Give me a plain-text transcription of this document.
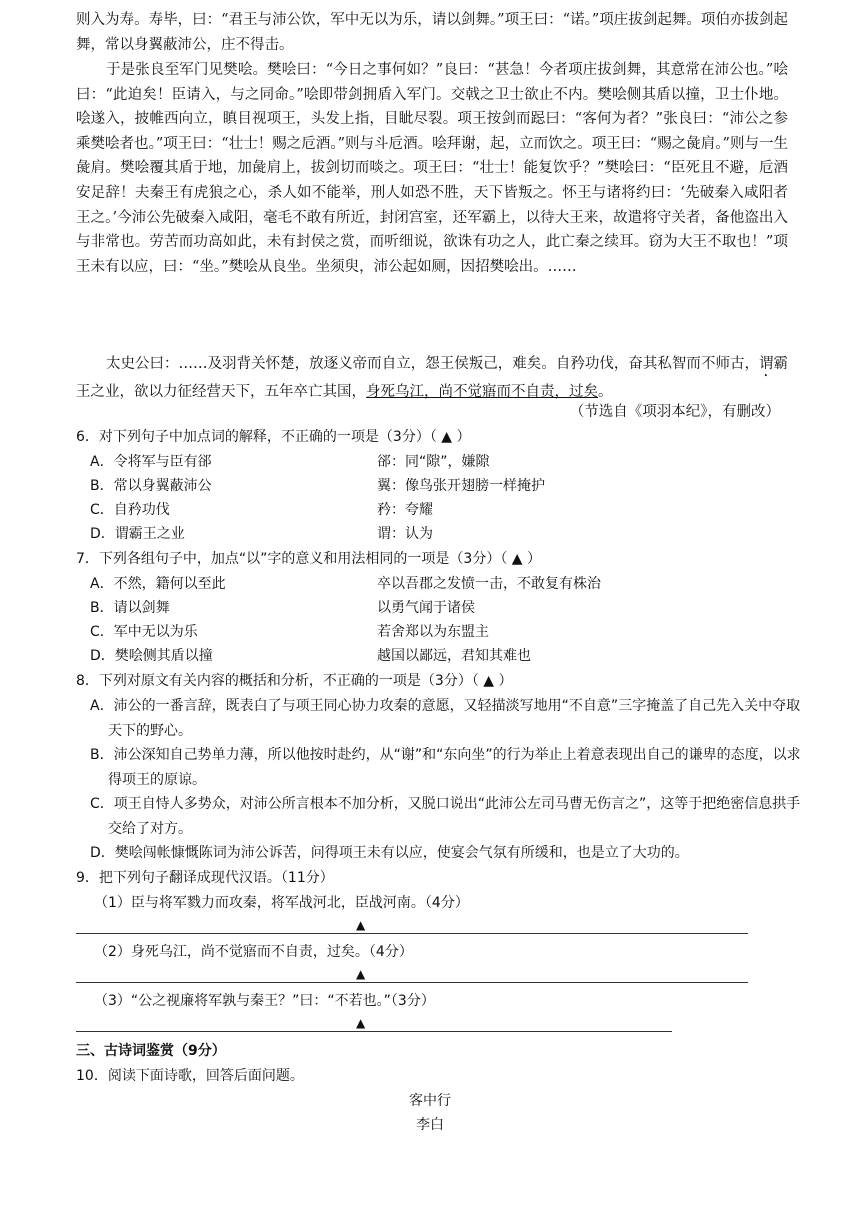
则入为寿。寿毕，曰：“君王与沛公饮，军中无以为乐，请以剑舞。”项王曰：“诺。”项庄拔剑起舞。项伯亦拔剑起舞，常以身翼蔽沛公，庄不得击。
于是张良至军门见樊哙。樊哙曰：“今日之事何如？”良曰：“甚急！今者项庄拔剑舞，其意常在沛公也。”哙曰：“此迫矣！臣请入，与之同命。”哙即带剑拥盾入军门。交戟之卫士欲止不内。樊哙侧其盾以撞，卫士仆地。哙遂入，披帷西向立，瞋目视项王，头发上指，目眦尽裂。项王按剑而跽曰：“客何为者？”张良曰：“沛公之参乘樊哙者也。”项王曰：“壮士！赐之卮酒。”则与斗卮酒。哙拜谢，起，立而饮之。项王曰：“赐之彘肩。”则与一生彘肩。樊哙覆其盾于地，加彘肩上，拔剑切而啖之。项王曰：“壮士！能复饮乎？”樊哙曰：“臣死且不避，卮酒安足辞！夫秦王有虎狼之心，杀人如不能举，刑人如恐不胜，天下皆叛之。怀王与诸将约曰：‘先破秦入咸阳者王之。’今沛公先破秦入咸阳，毫毛不敢有所近，封闭宫室，还军霸上，以待大王来，故遣将守关者，备他盗出入与非常也。劳苦而功高如此，未有封侯之赏，而听细说，欲诛有功之人，此亡秦之续耳。窃为大王不取也！”项王未有以应，曰：“坐。”樊哙从良坐。坐须臾，沛公起如厕，因招樊哙出。……
太史公曰：……及羽背关怀楚，放逐义帝而自立，怨王侯叛己，难矣。自矜功伐，奋其私智而不师古，谓霸王之业，欲以力征经营天下，五年卒亡其国，身死乌江，尚不觉寤而不自责，过矣。
（节选自《项羽本纪》，有删改）
6．对下列句子中加点词的解释，不正确的一项是（3分）（ ▲ ）
A．令将军与臣有郤	郤：同“隙”，嫌隙
B．常以身翼蔽沛公	翼：像鸟张开翅膀一样掩护
C．自矜功伐	矜：夸耀
D．谓霸王之业	谓：认为
7．下列各组句子中，加点“以”字的意义和用法相同的一项是（3分）（ ▲ ）
A．不然，籍何以至此	卒以吾郡之发愤一击，不敢复有株治
B．请以剑舞	以勇气闻于诸侯
C．军中无以为乐	若舍郑以为东盟主
D．樊哙侧其盾以撞	越国以鄙远，君知其难也
8．下列对原文有关内容的概括和分析，不正确的一项是（3分）（ ▲ ）
A．沛公的一番言辞，既表白了与项王同心协力攻秦的意愿，又轻描淡写地用“不自意”三字掩盖了自己先入关中夺取天下的野心。
B．沛公深知自己势单力薄，所以他按时赴约，从“谢”和“东向坐”的行为举止上着意表现出自己的谦卑的态度，以求得项王的原谅。
C．项王自恃人多势众，对沛公所言根本不加分析，又脱口说出“此沛公左司马曹无伤言之”，这等于把绝密信息拱手交给了对方。
D．樊哙闯帐慷慨陈词为沛公诉苦，问得项王未有以应，使宴会气氛有所缓和，也是立了大功的。
9．把下列句子翻译成现代汉语。（11分）
（1）臣与将军戮力而攻秦，将军战河北，臣战河南。（4分）
▲
（2）身死乌江，尚不觉寤而不自责，过矣。（4分）
▲
（3）“公之视廉将军孰与秦王？”曰：“不若也。”（3分）
▲
三、古诗词鉴赏（9分）
10．阅读下面诗歌，回答后面问题。
客中行
李白
